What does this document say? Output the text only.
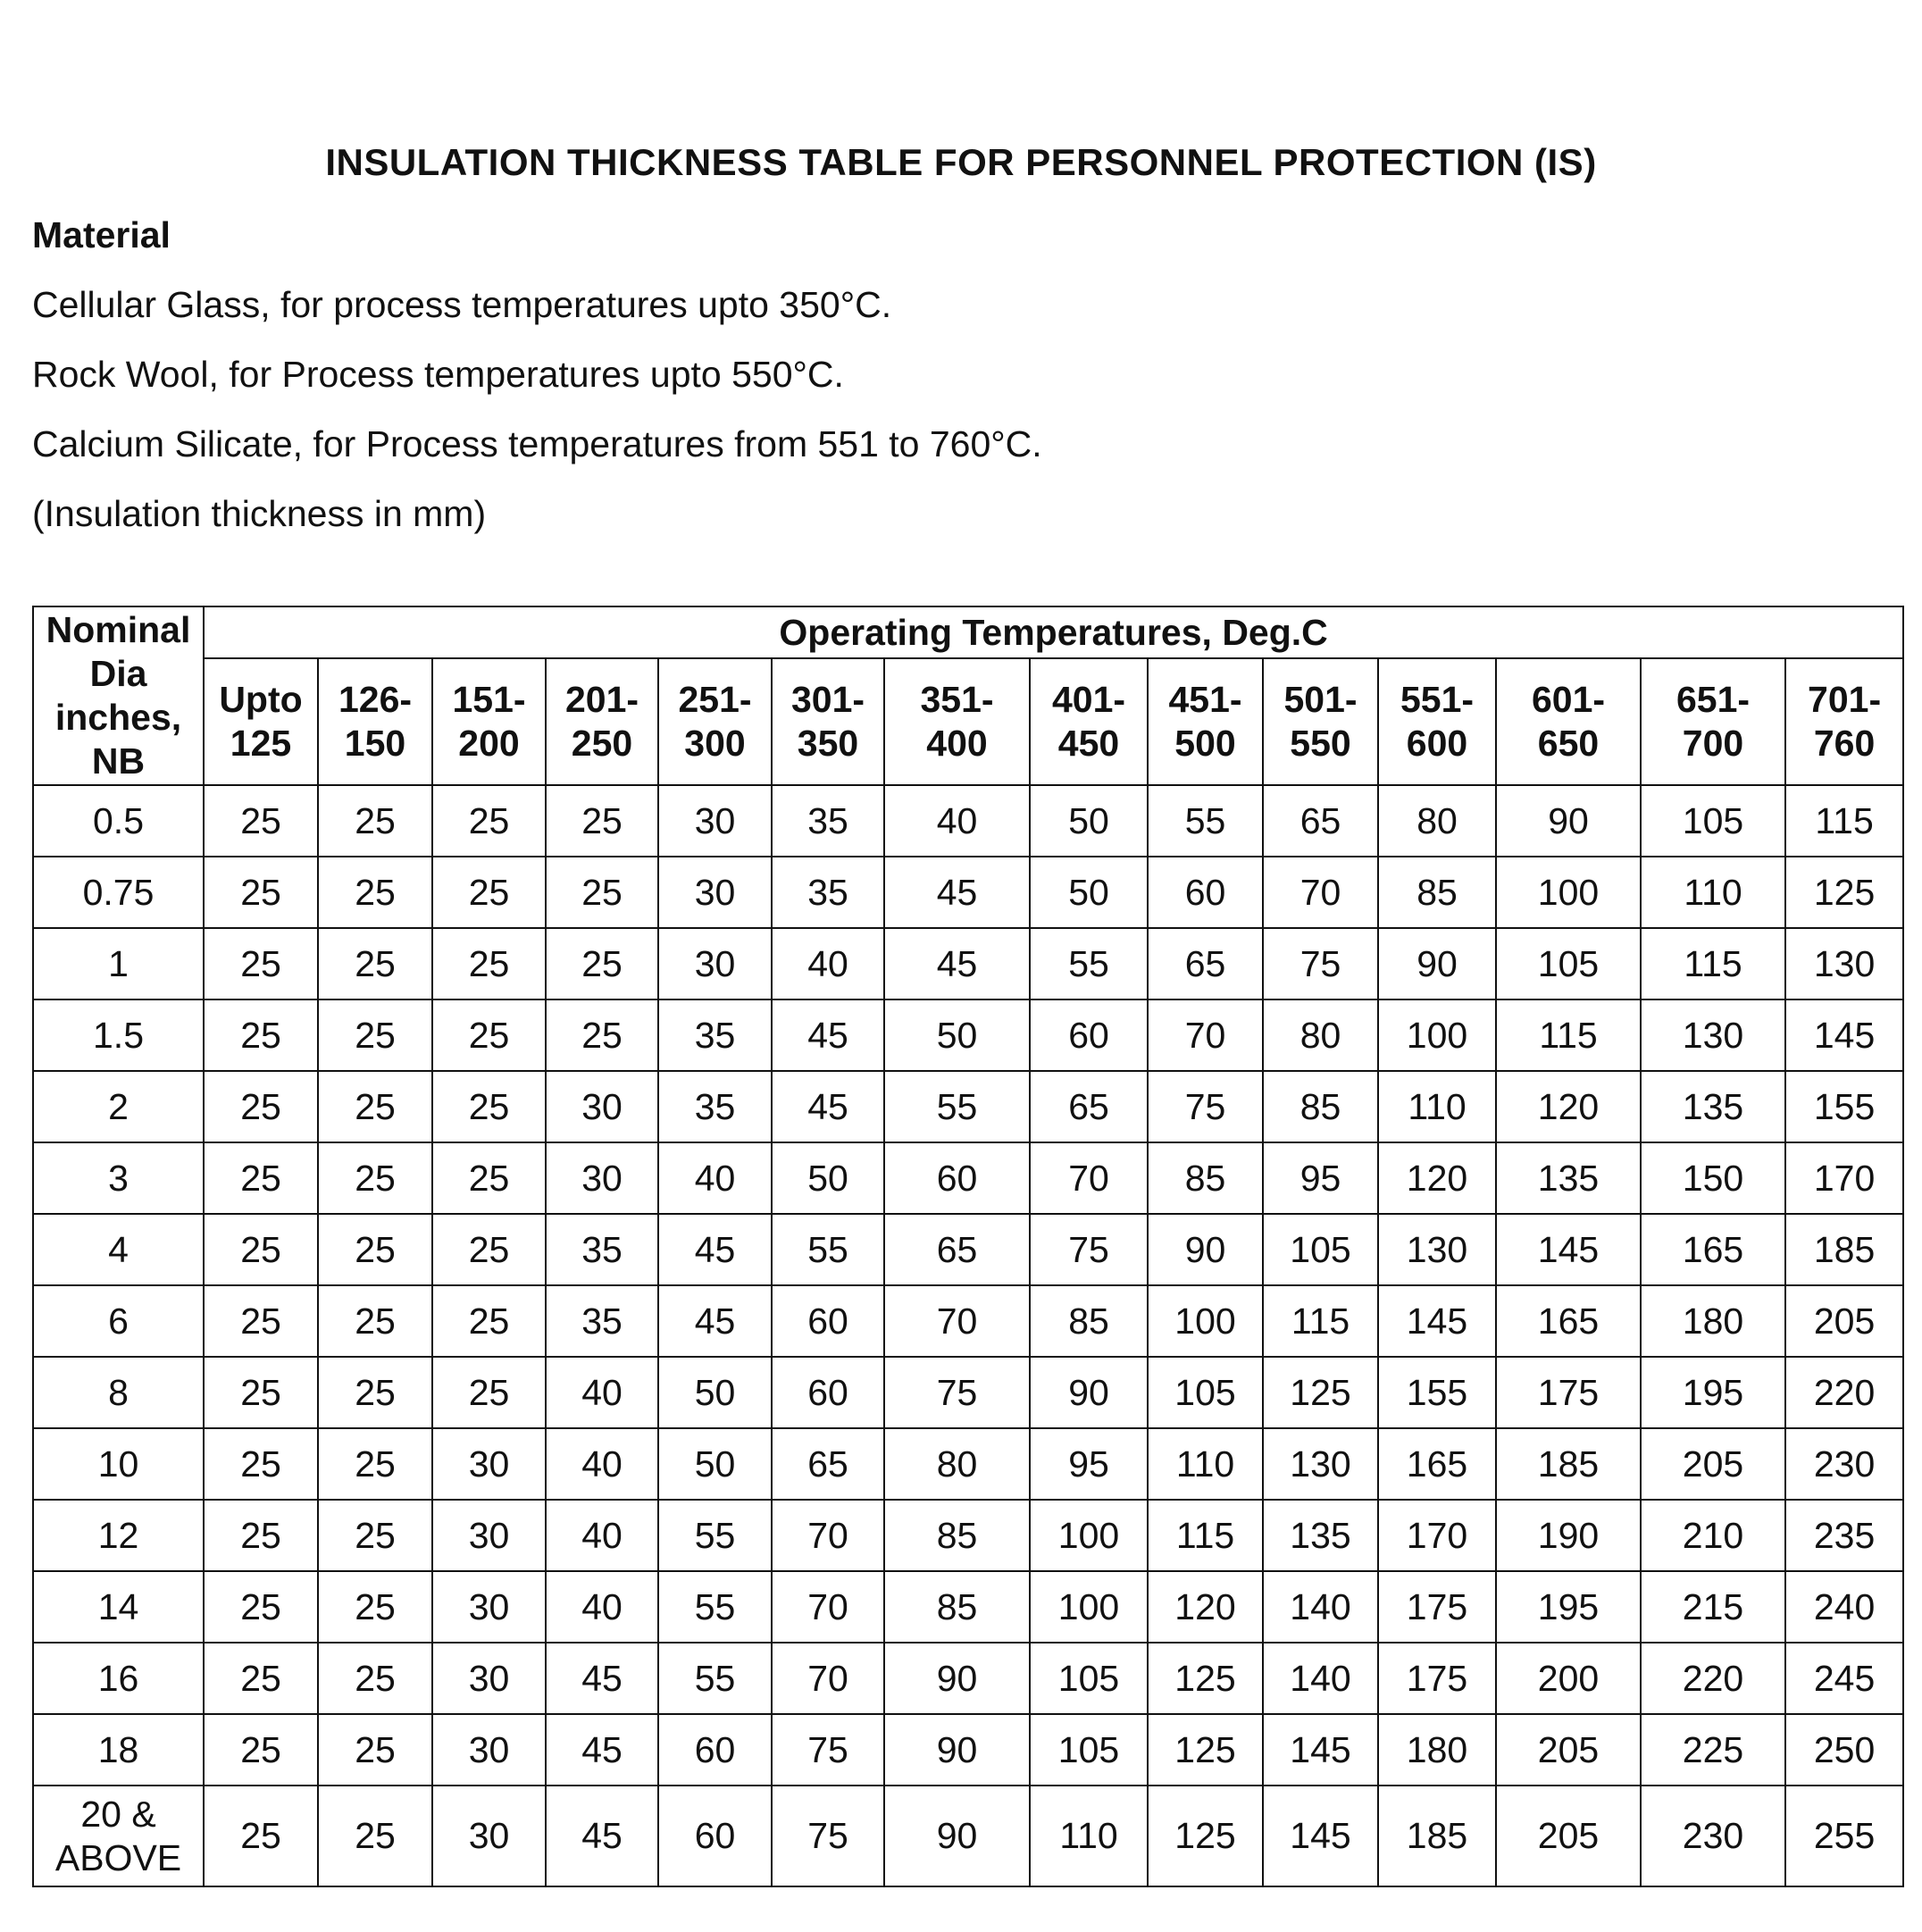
INSULATION THICKNESS TABLE FOR PERSONNEL PROTECTION (IS)
Material
Cellular Glass, for process temperatures upto 350°C.
Rock Wool, for Process temperatures upto 550°C.
Calcium Silicate, for Process temperatures from 551 to 760°C.
(Insulation thickness in mm)
Nominal Dia inches, NB	Operating Temperatures, Deg.C													
	Upto 125	126- 150	151- 200	201- 250	251- 300	301- 350	351- 400	401- 450	451- 500	501- 550	551- 600	601- 650	651- 700	701- 760
0.5	25	25	25	25	30	35	40	50	55	65	80	90	105	115
0.75	25	25	25	25	30	35	45	50	60	70	85	100	110	125
1	25	25	25	25	30	40	45	55	65	75	90	105	115	130
1.5	25	25	25	25	35	45	50	60	70	80	100	115	130	145
2	25	25	25	30	35	45	55	65	75	85	110	120	135	155
3	25	25	25	30	40	50	60	70	85	95	120	135	150	170
4	25	25	25	35	45	55	65	75	90	105	130	145	165	185
6	25	25	25	35	45	60	70	85	100	115	145	165	180	205
8	25	25	25	40	50	60	75	90	105	125	155	175	195	220
10	25	25	30	40	50	65	80	95	110	130	165	185	205	230
12	25	25	30	40	55	70	85	100	115	135	170	190	210	235
14	25	25	30	40	55	70	85	100	120	140	175	195	215	240
16	25	25	30	45	55	70	90	105	125	140	175	200	220	245
18	25	25	30	45	60	75	90	105	125	145	180	205	225	250
20 & ABOVE	25	25	30	45	60	75	90	110	125	145	185	205	230	255
